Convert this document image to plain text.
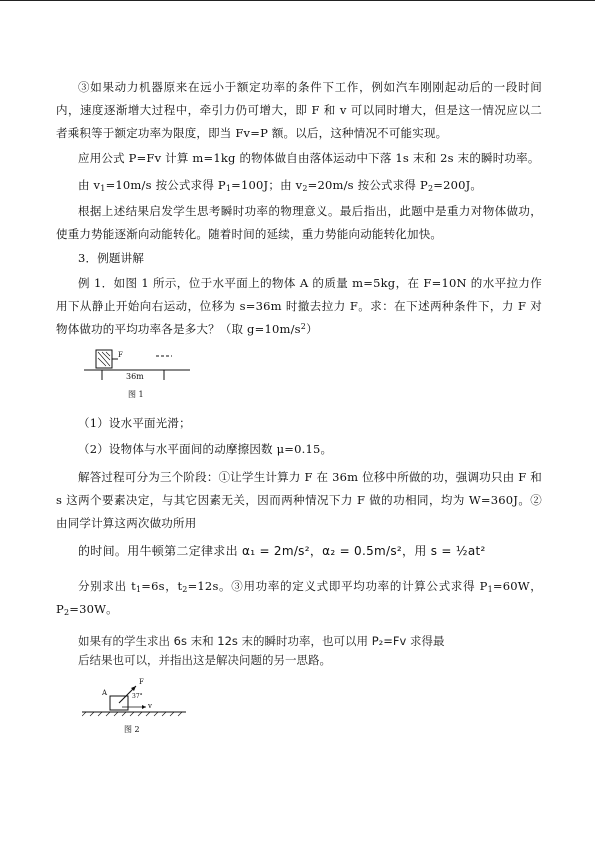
③如果动力机器原来在远小于额定功率的条件下工作，例如汽车刚刚起动后的一段时间内，速度逐渐增大过程中，牵引力仍可增大，即 F 和 v 可以同时增大，但是这一情况应以二者乘积等于额定功率为限度，即当 Fv=P 额。以后，这种情况不可能实现。
应用公式 P=Fv 计算 m=1kg 的物体做自由落体运动中下落 1s 末和 2s 末的瞬时功率。
由 $v_1=10m/s$ 按公式求得 $P_1=100J$；由 $v_2=20m/s$ 按公式求得 $P_2=200J$。
根据上述结果启发学生思考瞬时功率的物理意义。最后指出，此题中是重力对物体做功，使重力势能逐渐向动能转化。随着时间的延续，重力势能向动能转化加快。
3．例题讲解
例 1．如图 1 所示，位于水平面上的物体 A 的质量 m=5kg，在 F=10N 的水平拉力作用下从静止开始向右运动，位移为 s=36m 时撤去拉力 F。求：在下述两种条件下，力 F 对物体做功的平均功率各是多大？（取 $g=10m/s^2$）
F
36m
图 1
（1）设水平面光滑；
（2）设物体与水平面间的动摩擦因数 μ=0.15。
解答过程可分为三个阶段：①让学生计算力 F 在 36m 位移中所做的功，强调功只由 F 和 s 这两个要素决定，与其它因素无关，因而两种情况下力 F 做的功相同，均为 W=360J。②由同学计算这两次做功所用
的时间。用牛顿第二定律求出 α₁ = 2m/s²，α₂ = 0.5m/s²，用 s = ½at²
分别求出 $t_1=6s$，$t_2=12s$。③用功率的定义式即平均功率的计算公式求得 $P_1=60W$，$P_2=30W$。
如果有的学生求出 6s 末和 12s 末的瞬时功率，也可以用 P₂=Fv 求得最
后结果也可以，并指出这是解决问题的另一思路。
A
F
37°
v
图 2
